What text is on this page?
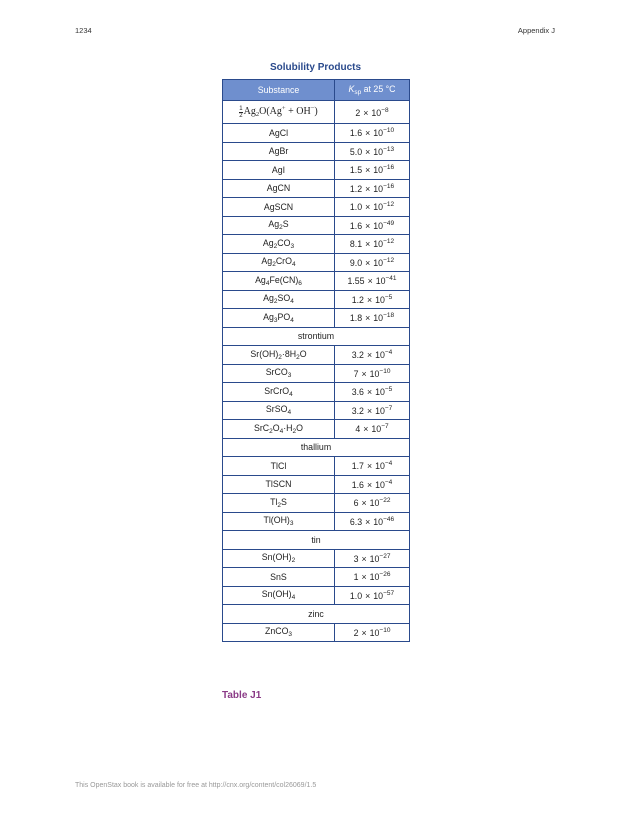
1234	Appendix J
Solubility Products
Substance	$K_{sp}$ at 25 °C

$\frac{1}{2} Ag_2O(Ag^+ + OH^-)$	$2 \times 10^{-8}$
AgCl	$1.6 \times 10^{-10}$
AgBr	$5.0 \times 10^{-13}$
AgI	$1.5 \times 10^{-16}$
AgCN	$1.2 \times 10^{-16}$
AgSCN	$1.0 \times 10^{-12}$
$Ag_2S$	$1.6 \times 10^{-49}$
$Ag_2CO_3$	$8.1 \times 10^{-12}$
$Ag_2CrO_4$	$9.0 \times 10^{-12}$
$Ag_4Fe(CN)_6$	$1.55 \times 10^{-41}$
$Ag_2SO_4$	$1.2 \times 10^{-5}$
$Ag_3PO_4$	$1.8 \times 10^{-18}$
strontium	
$Sr(OH)_2\cdot 8H_2O$	$3.2 \times 10^{-4}$
SrCO$_3$	$7 \times 10^{-10}$
SrCrO$_4$	$3.6 \times 10^{-5}$
SrSO$_4$	$3.2 \times 10^{-7}$
$SrC_2O_4\cdot H_2O$	$4 \times 10^{-7}$
thallium	
TlCl	$1.7 \times 10^{-4}$
TlSCN	$1.6 \times 10^{-4}$
$Tl_2S$	$6 \times 10^{-22}$
$Tl(OH)_3$	$6.3 \times 10^{-46}$
tin	
$Sn(OH)_2$	$3 \times 10^{-27}$
SnS	$1 \times 10^{-26}$
$Sn(OH)_4$	$1.0 \times 10^{-57}$
zinc	
ZnCO$_3$	$2 \times 10^{-10}$
Table J1
This OpenStax book is available for free at http://cnx.org/content/col26069/1.5
